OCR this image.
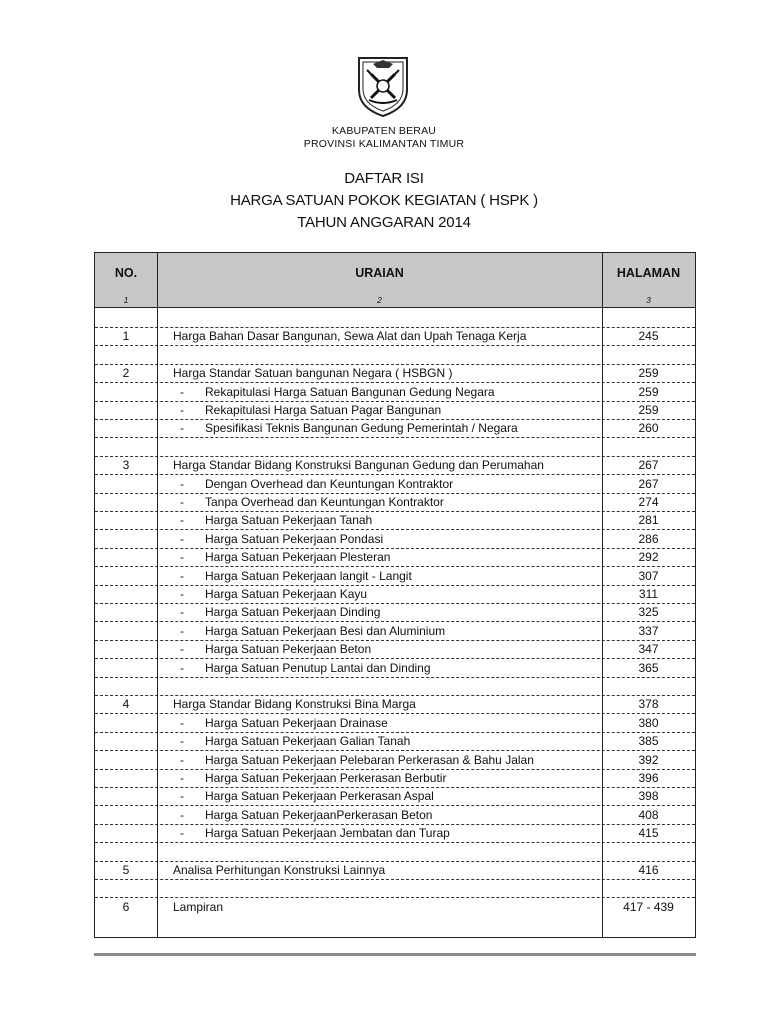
KABUPATEN BERAU
PROVINSI KALIMANTAN TIMUR
DAFTAR ISI
HARGA SATUAN POKOK KEGIATAN ( HSPK )
TAHUN ANGGARAN 2014
NO.	URAIAN	HALAMAN
1	2	3
1	Harga Bahan Dasar Bangunan, Sewa Alat dan Upah Tenaga Kerja	245
2	Harga Standar Satuan bangunan Negara ( HSBGN )	259
-	Rekapitulasi Harga Satuan Bangunan Gedung Negara	259
-	Rekapitulasi Harga Satuan Pagar Bangunan	259
-	Spesifikasi Teknis Bangunan Gedung Pemerintah / Negara	260
3	Harga Standar Bidang Konstruksi Bangunan Gedung dan Perumahan	267
-	Dengan Overhead dan Keuntungan Kontraktor	267
-	Tanpa Overhead dan Keuntungan Kontraktor	274
-	Harga Satuan Pekerjaan Tanah	281
-	Harga Satuan Pekerjaan Pondasi	286
-	Harga Satuan Pekerjaan Plesteran	292
-	Harga Satuan Pekerjaan langit - Langit	307
-	Harga Satuan Pekerjaan Kayu	311
-	Harga Satuan Pekerjaan Dinding	325
-	Harga Satuan Pekerjaan Besi dan Aluminium	337
-	Harga Satuan Pekerjaan Beton	347
-	Harga Satuan Penutup Lantai dan Dinding	365
4	Harga Standar Bidang Konstruksi Bina Marga	378
-	Harga Satuan Pekerjaan Drainase	380
-	Harga Satuan Pekerjaan Galian Tanah	385
-	Harga Satuan Pekerjaan Pelebaran Perkerasan & Bahu Jalan	392
-	Harga Satuan Pekerjaan Perkerasan Berbutir	396
-	Harga Satuan Pekerjaan Perkerasan Aspal	398
-	Harga Satuan PekerjaanPerkerasan Beton	408
-	Harga Satuan Pekerjaan Jembatan dan Turap	415
5	Analisa Perhitungan Konstruksi Lainnya	416
6	Lampiran	417 - 439
